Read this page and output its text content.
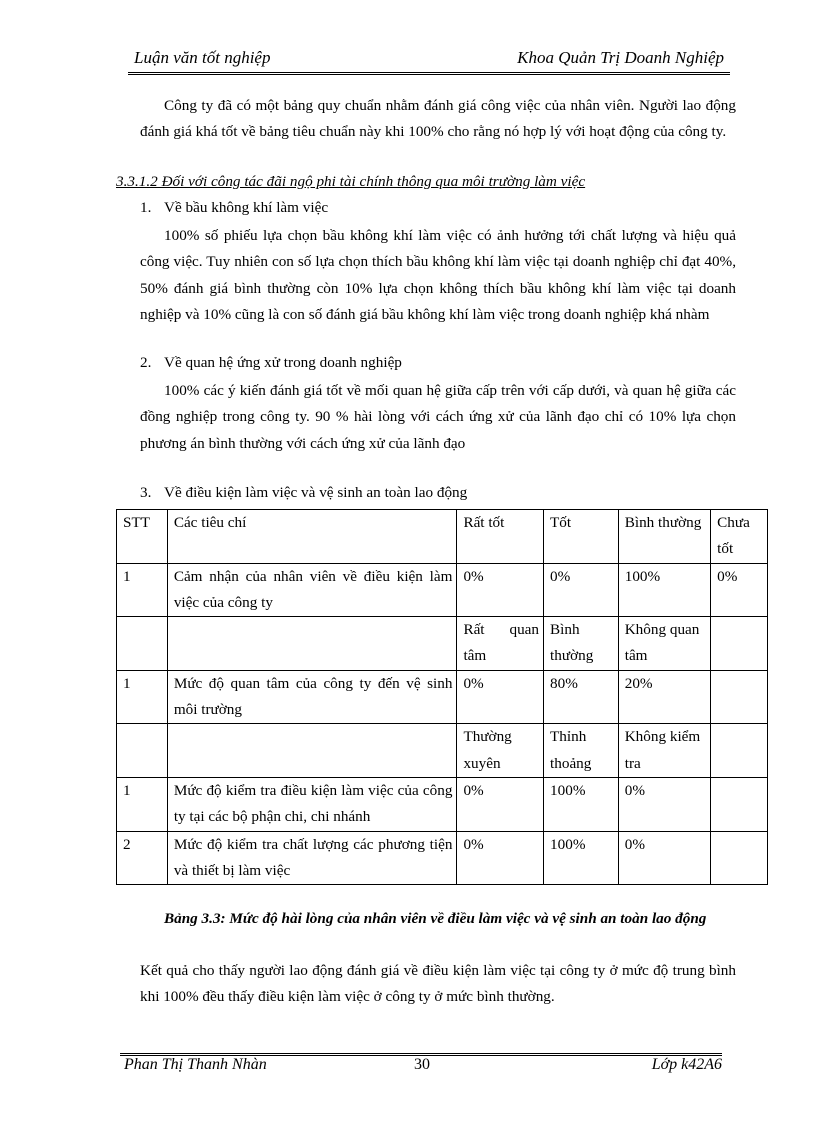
Luận văn tốt nghiệp	Khoa Quản Trị Doanh Nghiệp

Công ty đã có một bảng quy chuẩn nhằm đánh giá công việc của nhân viên. Người lao động đánh giá khá tốt về bảng tiêu chuẩn này khi 100% cho rằng nó hợp lý với hoạt động của công ty.

3.3.1.2 Đối với công tác đãi ngộ phi tài chính thông qua môi trường làm việc
1. Về bầu không khí làm việc

100% số phiếu lựa chọn bầu không khí làm việc có ảnh hưởng tới chất lượng và hiệu quả công việc. Tuy nhiên con số lựa chọn thích bầu không khí làm việc tại doanh nghiệp chỉ đạt 40%, 50% đánh giá bình thường còn 10% lựa chọn không thích bầu không khí làm việc tại doanh nghiệp và 10% cũng là con số đánh giá bầu không khí làm việc trong doanh nghiệp khá nhàm

2. Về quan hệ ứng xử trong doanh nghiệp

100% các ý kiến đánh giá tốt về mối quan hệ giữa cấp trên với cấp dưới, và quan hệ giữa các đồng nghiệp trong công ty. 90 % hài lòng với cách ứng xử của lãnh đạo chỉ có 10% lựa chọn phương án bình thường với cách ứng xử của lãnh đạo

3. Về điều kiện làm việc và vệ sinh an toàn lao động
STT	Các tiêu chí	Rất tốt	Tốt	Bình thường	Chưa tốt
1	Cảm nhận của nhân viên về điều kiện làm việc của công ty	0%	0%	100%	0%
		Rất quan tâm	Bình thường	Không quan tâm	
1	Mức độ quan tâm của công ty đến vệ sinh môi trường	0%	80%	20%	
		Thường xuyên	Thỉnh thoảng	Không kiểm tra	
1	Mức độ kiểm tra điều kiện làm việc của công ty tại các bộ phận chi, chi nhánh	0%	100%	0%	
2	Mức độ kiểm tra chất lượng các phương tiện và thiết bị làm việc	0%	100%	0%	
Bảng 3.3: Mức độ hài lòng của nhân viên về điều làm việc và vệ sinh an toàn lao động

Kết quả cho thấy người lao động đánh giá về điều kiện làm việc tại công ty ở mức độ trung bình khi 100% đều thấy điều kiện làm việc ở công ty ở mức bình thường.

Phan Thị Thanh Nhàn	30	Lớp k42A6
